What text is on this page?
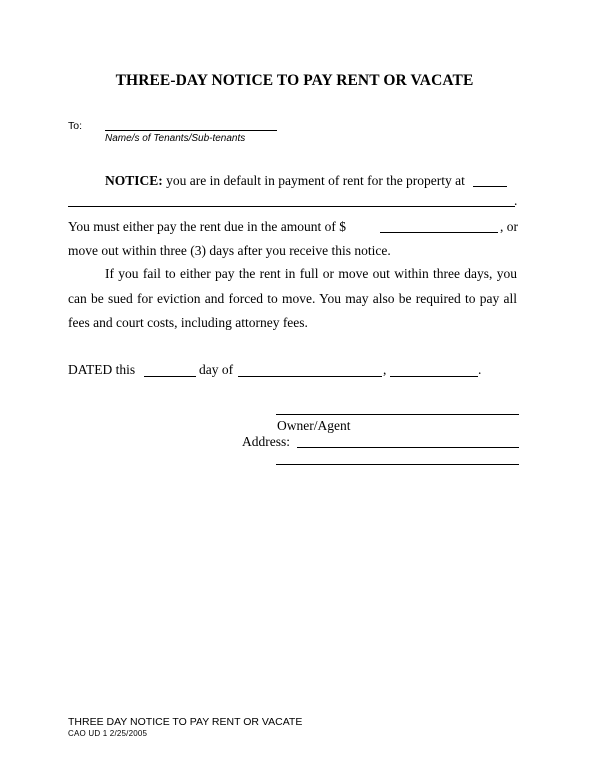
THREE-DAY NOTICE TO PAY RENT OR VACATE
To:
Name/s of Tenants/Sub-tenants
NOTICE: you are in default in payment of rent for the property at
.
You must either pay the rent due in the amount of $	, or
move out within three (3) days after you receive this notice.
If you fail to either pay the rent in full or move out within three days, you
can be sued for eviction and forced to move. You may also be required to pay all
fees and court costs, including attorney fees.
DATED this	day of	,	.
Owner/Agent
Address:
THREE DAY NOTICE TO PAY RENT OR VACATE
CAO UD 1 2/25/2005
